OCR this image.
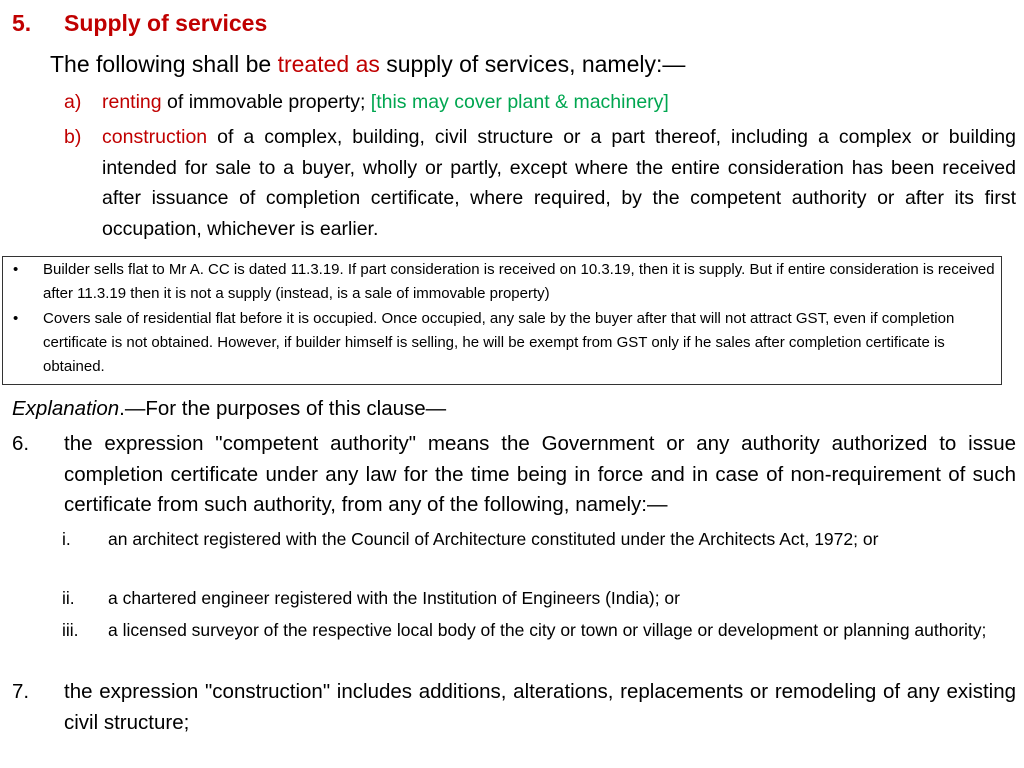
5. Supply of services
The following shall be treated as supply of services, namely:—
a) renting of immovable property; [this may cover plant & machinery]
b) construction of a complex, building, civil structure or a part thereof, including a complex or building intended for sale to a buyer, wholly or partly, except where the entire consideration has been received after issuance of completion certificate, where required, by the competent authority or after its first occupation, whichever is earlier.
• Builder sells flat to Mr A. CC is dated 11.3.19. If part consideration is received on 10.3.19, then it is supply. But if entire consideration is received after 11.3.19 then it is not a supply (instead, is a sale of immovable property)
• Covers sale of residential flat before it is occupied. Once occupied, any sale by the buyer after that will not attract GST, even if completion certificate is not obtained. However, if builder himself is selling, he will be exempt from GST only if he sales after completion certificate is obtained.
Explanation.—For the purposes of this clause—
6. the expression "competent authority" means the Government or any authority authorized to issue completion certificate under any law for the time being in force and in case of non-requirement of such certificate from such authority, from any of the following, namely:—
i. an architect registered with the Council of Architecture constituted under the Architects Act, 1972; or
ii. a chartered engineer registered with the Institution of Engineers (India); or
iii. a licensed surveyor of the respective local body of the city or town or village or development or planning authority;
7. the expression "construction" includes additions, alterations, replacements or remodeling of any existing civil structure;
